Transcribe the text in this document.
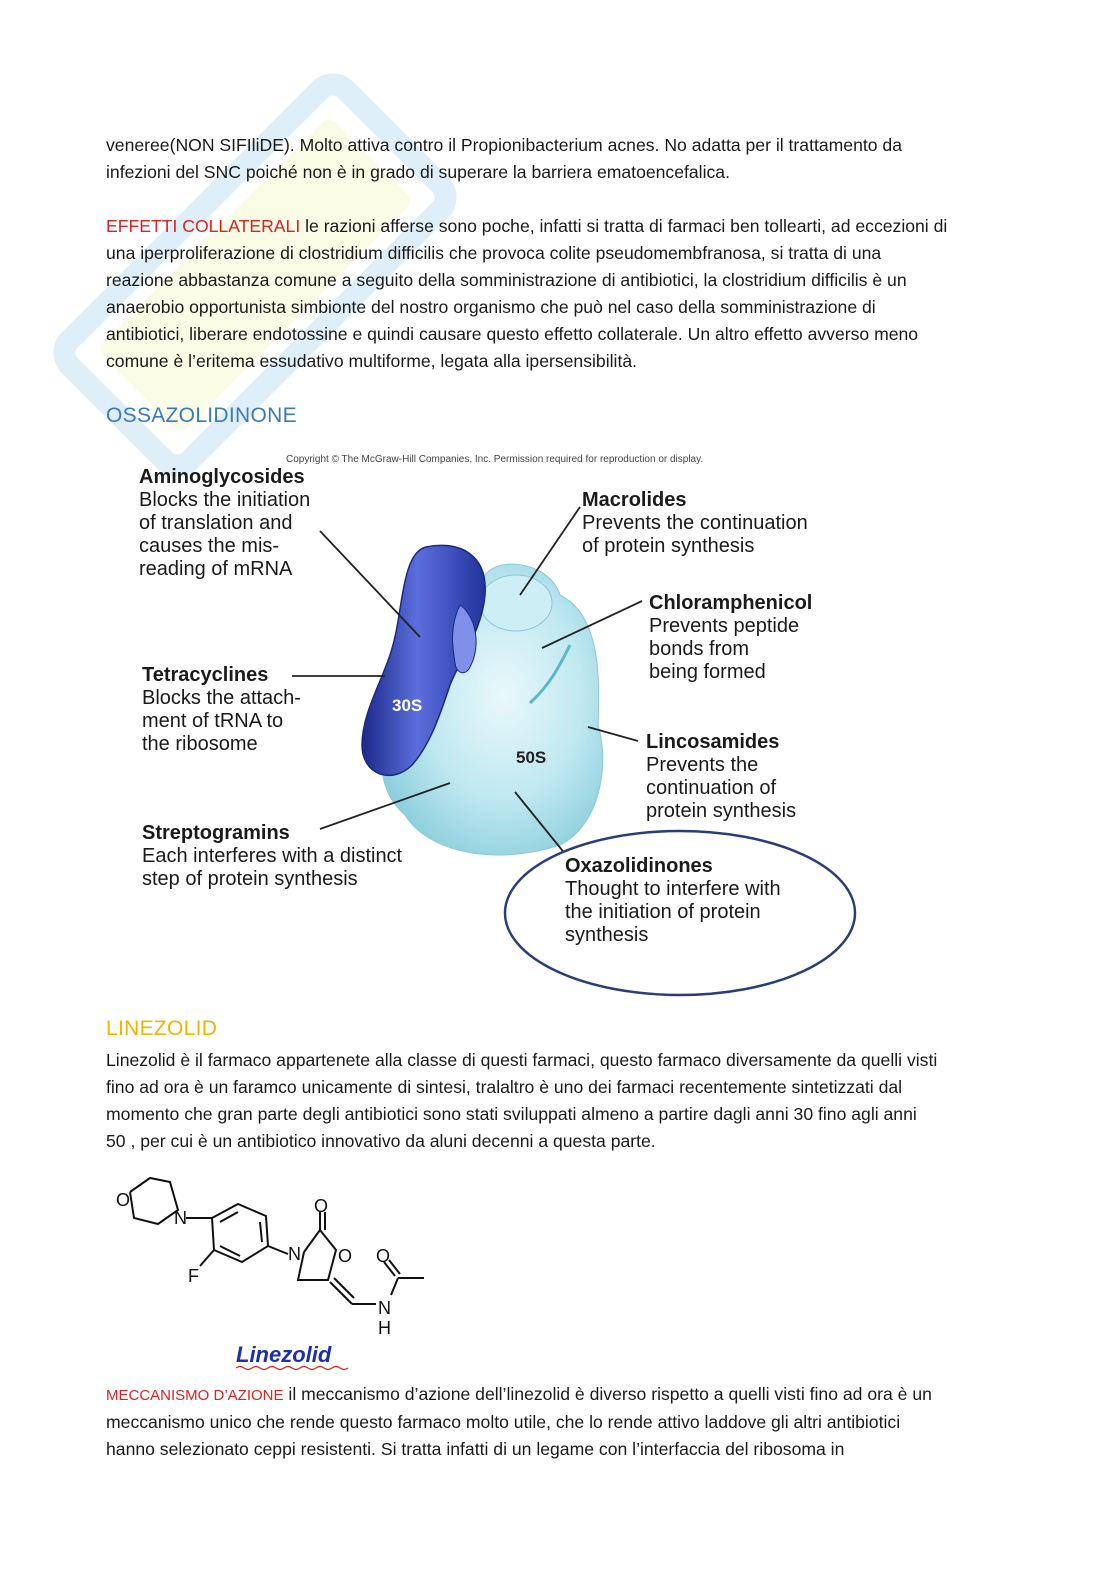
veneree(NON SIFIliDE). Molto attiva contro il Propionibacterium acnes. No adatta per il trattamento da
infezioni del SNC poiché non è in grado di superare la barriera ematoencefalica.

EFFETTI COLLATERALI le razioni afferse sono poche, infatti si tratta di farmaci ben tollearti, ad eccezioni di
una iperproliferazione di clostridium difficilis che provoca colite pseudomembfranosa, si tratta di una
reazione abbastanza comune a seguito della somministrazione di antibiotici, la clostridium difficilis è un
anaerobio opportunista simbionte del nostro organismo che può nel caso della somministrazione di
antibiotici, liberare endotossine e quindi causare questo effetto collaterale. Un altro effetto avverso meno
comune è l’eritema essudativo multiforme, legata alla ipersensibilità.

OSSAZOLIDINONE
Copyright © The McGraw-Hill Companies, Inc. Permission required for reproduction or display.
50S
30S
Aminoglycosides
Blocks the initiation
of translation and
causes the mis-
reading of mRNA
Macrolides
Prevents the continuation
of protein synthesis
Chloramphenicol
Prevents peptide
bonds from
being formed
Tetracyclines
Blocks the attach-
ment of tRNA to
the ribosome	Lincosamides
Prevents the
continuation of
protein synthesis
Streptogramins
Each interferes with a distinct
step of protein synthesis
Oxazolidinones
Thought to interfere with
the initiation of protein
synthesis
LINEZOLID

Linezolid è il farmaco appartenete alla classe di questi farmaci, questo farmaco diversamente da quelli visti
fino ad ora è un faramco unicamente di sintesi, tralaltro è uno dei farmaci recentemente sintetizzati dal
momento che gran parte degli antibiotici sono stati sviluppati almeno a partire dagli anni 30 fino agli anni
50 , per cui è un antibiotico innovativo da aluni decenni a questa parte.

O
N
F
N
O
O O
N
H
Linezolid

MECCANISMO D’AZIONE il meccanismo d’azione dell’linezolid è diverso rispetto a quelli visti fino ad ora è un
meccanismo unico che rende questo farmaco molto utile, che lo rende attivo laddove gli altri antibiotici
hanno selezionato ceppi resistenti. Si tratta infatti di un legame con l’interfaccia del ribosoma in
